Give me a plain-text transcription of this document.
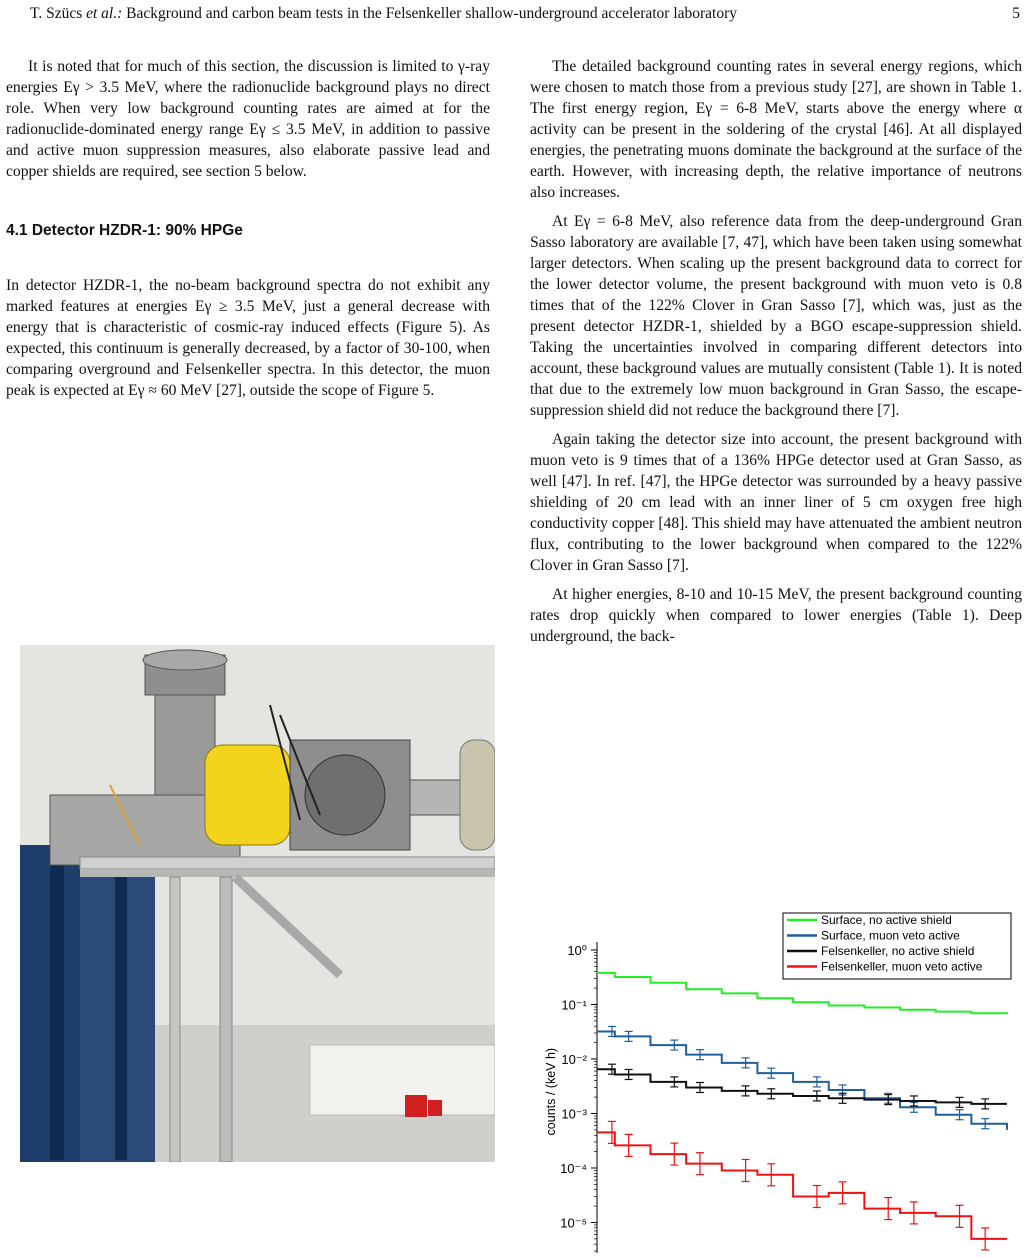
T. Szücs et al.: Background and carbon beam tests in the Felsenkeller shallow-underground accelerator laboratory	5

It is noted that for much of this section, the discussion is limited to γ-ray energies Eγ > 3.5 MeV, where the radionuclide background plays no direct role. When very low background counting rates are aimed at for the radionuclide-dominated energy range Eγ ≤ 3.5 MeV, in addition to passive and active muon suppression measures, also elaborate passive lead and copper shields are required, see section 5 below.

4.1 Detector HZDR-1: 90% HPGe

In detector HZDR-1, the no-beam background spectra do not exhibit any marked features at energies Eγ ≥ 3.5 MeV, just a general decrease with energy that is characteristic of cosmic-ray induced effects (Figure 5). As expected, this continuum is generally decreased, by a factor of 30-100, when comparing overground and Felsenkeller spectra. In this detector, the muon peak is expected at Eγ ≈ 60 MeV [27], outside the scope of Figure 5.

The detailed background counting rates in several energy regions, which were chosen to match those from a previous study [27], are shown in Table 1. The first energy region, Eγ = 6-8 MeV, starts above the energy where α activity can be present in the soldering of the crystal [46]. At all displayed energies, the penetrating muons dominate the background at the surface of the earth. However, with increasing depth, the relative importance of neutrons also increases.

At Eγ = 6-8 MeV, also reference data from the deep-underground Gran Sasso laboratory are available [7, 47], which have been taken using somewhat larger detectors. When scaling up the present background data to correct for the lower detector volume, the present background with muon veto is 0.8 times that of the 122% Clover in Gran Sasso [7], which was, just as the present detector HZDR-1, shielded by a BGO escape-suppression shield. Taking the uncertainties involved in comparing different detectors into account, these background values are mutually consistent (Table 1). It is noted that due to the extremely low muon background in Gran Sasso, the escape-suppression shield did not reduce the background there [7].

Again taking the detector size into account, the present background with muon veto is 9 times that of a 136% HPGe detector used at Gran Sasso, as well [47]. In ref. [47], the HPGe detector was surrounded by a heavy passive shielding of 20 cm lead with an inner liner of 5 cm oxygen free high conductivity copper [48]. This shield may have attenuated the ambient neutron flux, contributing to the lower background when compared to the 122% Clover in Gran Sasso [7].

At higher energies, 8-10 and 10-15 MeV, the present background counting rates drop quickly when compared to lower energies (Table 1). Deep underground, the back-

10⁰
10⁻¹
10⁻²
10⁻³
10⁻⁴
10⁻⁵
counts / (keV h)
Surface, no active shield
Surface, muon veto active
Felsenkeller, no active shield
Felsenkeller, muon veto active
